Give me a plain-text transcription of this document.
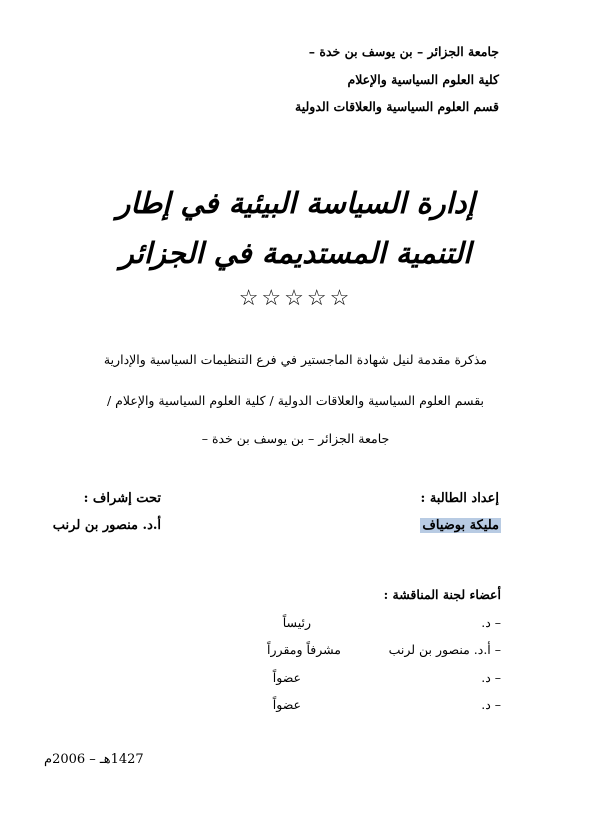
جامعة الجزائر – بن يوسف بن خدة –
كلية العلوم السياسية والإعلام
قسم العلوم السياسية والعلاقات الدولية
إدارة السياسة البيئية في إطار
التنمية المستديمة في الجزائر
☆☆☆☆☆
مذكرة مقدمة لنيل شهادة الماجستير في فرع التنظيمات السياسية والإدارية
بقسم العلوم السياسية والعلاقات الدولية / كلية العلوم السياسية والإعلام /
جامعة الجزائر – بن يوسف بن خدة –
إعداد الطالبة :
مليكة بوضياف
تحت إشراف :
أ.د. منصور بن لرنب
أعضاء لجنة المناقشة :
– د.
رئيساً
– أ.د. منصور بن لرنب
مشرفاً ومقرراً
– د.
عضواً
– د.
عضواً
1427هـ – 2006م
